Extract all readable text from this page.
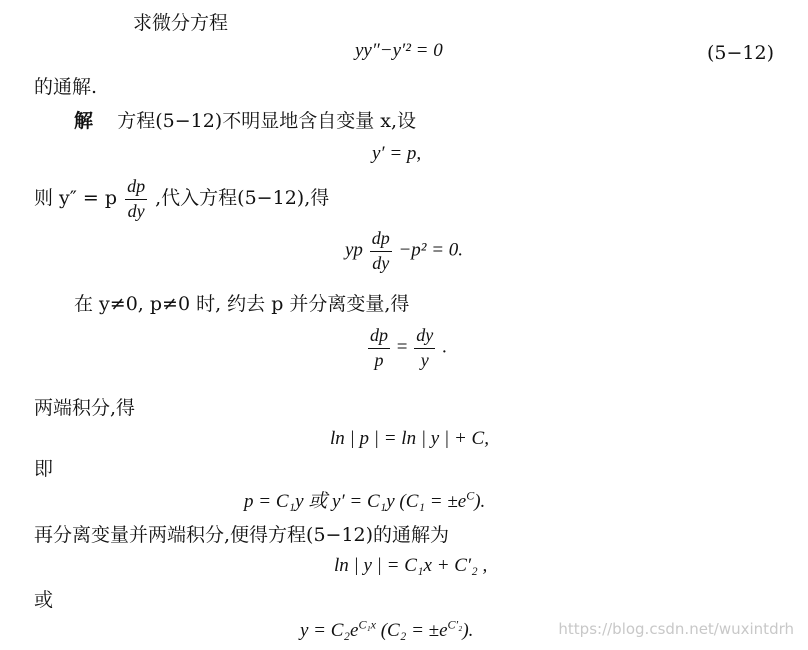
求微分方程
yy″−y′² = 0	(5−12)
的通解.
解 方程(5−12)不明显地含自变量 x,设
y′ = p,
则 y″ = p $\frac{dp}{dy}$ ,代入方程(5−12),得
yp $\frac{dp}{dy} -p^2 = 0$.
在 y≠0, p≠0 时, 约去 p 并分离变量,得
$\frac{dp}{p} = \frac{dy}{y}$ .
两端积分,得
ln | p | = ln | y | + C,
即
p = C₁y 或 y′ = C₁y $(C_1 = \pm e^C)$.
再分离变量并两端积分,便得方程(5−12)的通解为
ln | y | = C₁x + C′₂ ,
或
$y = C_2e^{C_1x}$ $(C_2 = \pm e^{C'_2})$.	https://blog.csdn.net/wuxintdrh
